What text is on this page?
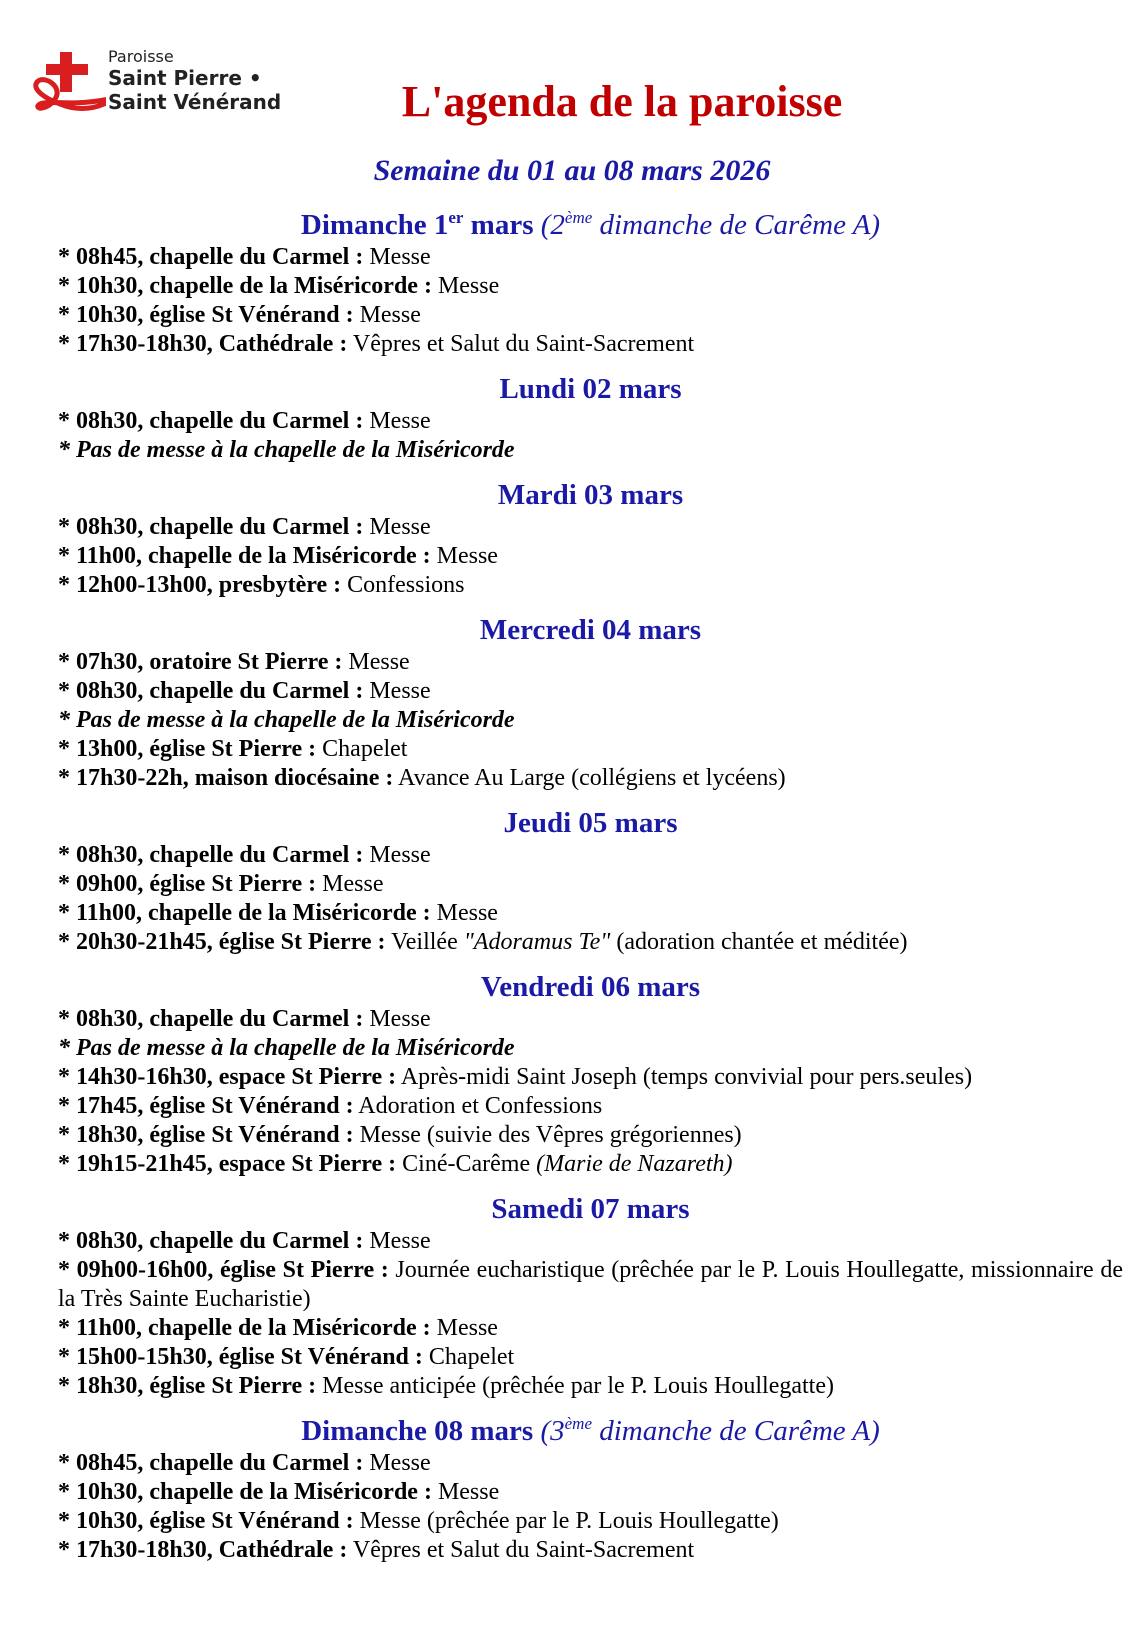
Paroisse
Saint Pierre •
Saint Vénérand	L'agenda de la paroisse
Semaine du 01 au 08 mars 2026
Dimanche 1er mars (2ème dimanche de Carême A)

* 08h45, chapelle du Carmel : Messe

* 10h30, chapelle de la Miséricorde : Messe

* 10h30, église St Vénérand : Messe

* 17h30-18h30, Cathédrale : Vêpres et Salut du Saint-Sacrement

Lundi 02 mars

* 08h30, chapelle du Carmel : Messe

* Pas de messe à la chapelle de la Miséricorde

Mardi 03 mars

* 08h30, chapelle du Carmel : Messe

* 11h00, chapelle de la Miséricorde : Messe

* 12h00-13h00, presbytère : Confessions

Mercredi 04 mars

* 07h30, oratoire St Pierre : Messe

* 08h30, chapelle du Carmel : Messe

* Pas de messe à la chapelle de la Miséricorde

* 13h00, église St Pierre : Chapelet

* 17h30-22h, maison diocésaine : Avance Au Large (collégiens et lycéens)

Jeudi 05 mars

* 08h30, chapelle du Carmel : Messe

* 09h00, église St Pierre : Messe

* 11h00, chapelle de la Miséricorde : Messe

* 20h30-21h45, église St Pierre : Veillée "Adoramus Te" (adoration chantée et méditée)

Vendredi 06 mars

* 08h30, chapelle du Carmel : Messe

* Pas de messe à la chapelle de la Miséricorde

* 14h30-16h30, espace St Pierre : Après-midi Saint Joseph (temps convivial pour pers.seules)

* 17h45, église St Vénérand : Adoration et Confessions

* 18h30, église St Vénérand : Messe (suivie des Vêpres grégoriennes)

* 19h15-21h45, espace St Pierre : Ciné-Carême (Marie de Nazareth)

Samedi 07 mars

* 08h30, chapelle du Carmel : Messe

* 09h00-16h00, église St Pierre : Journée eucharistique (prêchée par le P. Louis Houllegatte, missionnaire de la Très Sainte Eucharistie)

* 11h00, chapelle de la Miséricorde : Messe

* 15h00-15h30, église St Vénérand : Chapelet

* 18h30, église St Pierre : Messe anticipée (prêchée par le P. Louis Houllegatte)

Dimanche 08 mars (3ème dimanche de Carême A)

* 08h45, chapelle du Carmel : Messe

* 10h30, chapelle de la Miséricorde : Messe

* 10h30, église St Vénérand : Messe (prêchée par le P. Louis Houllegatte)

* 17h30-18h30, Cathédrale : Vêpres et Salut du Saint-Sacrement
